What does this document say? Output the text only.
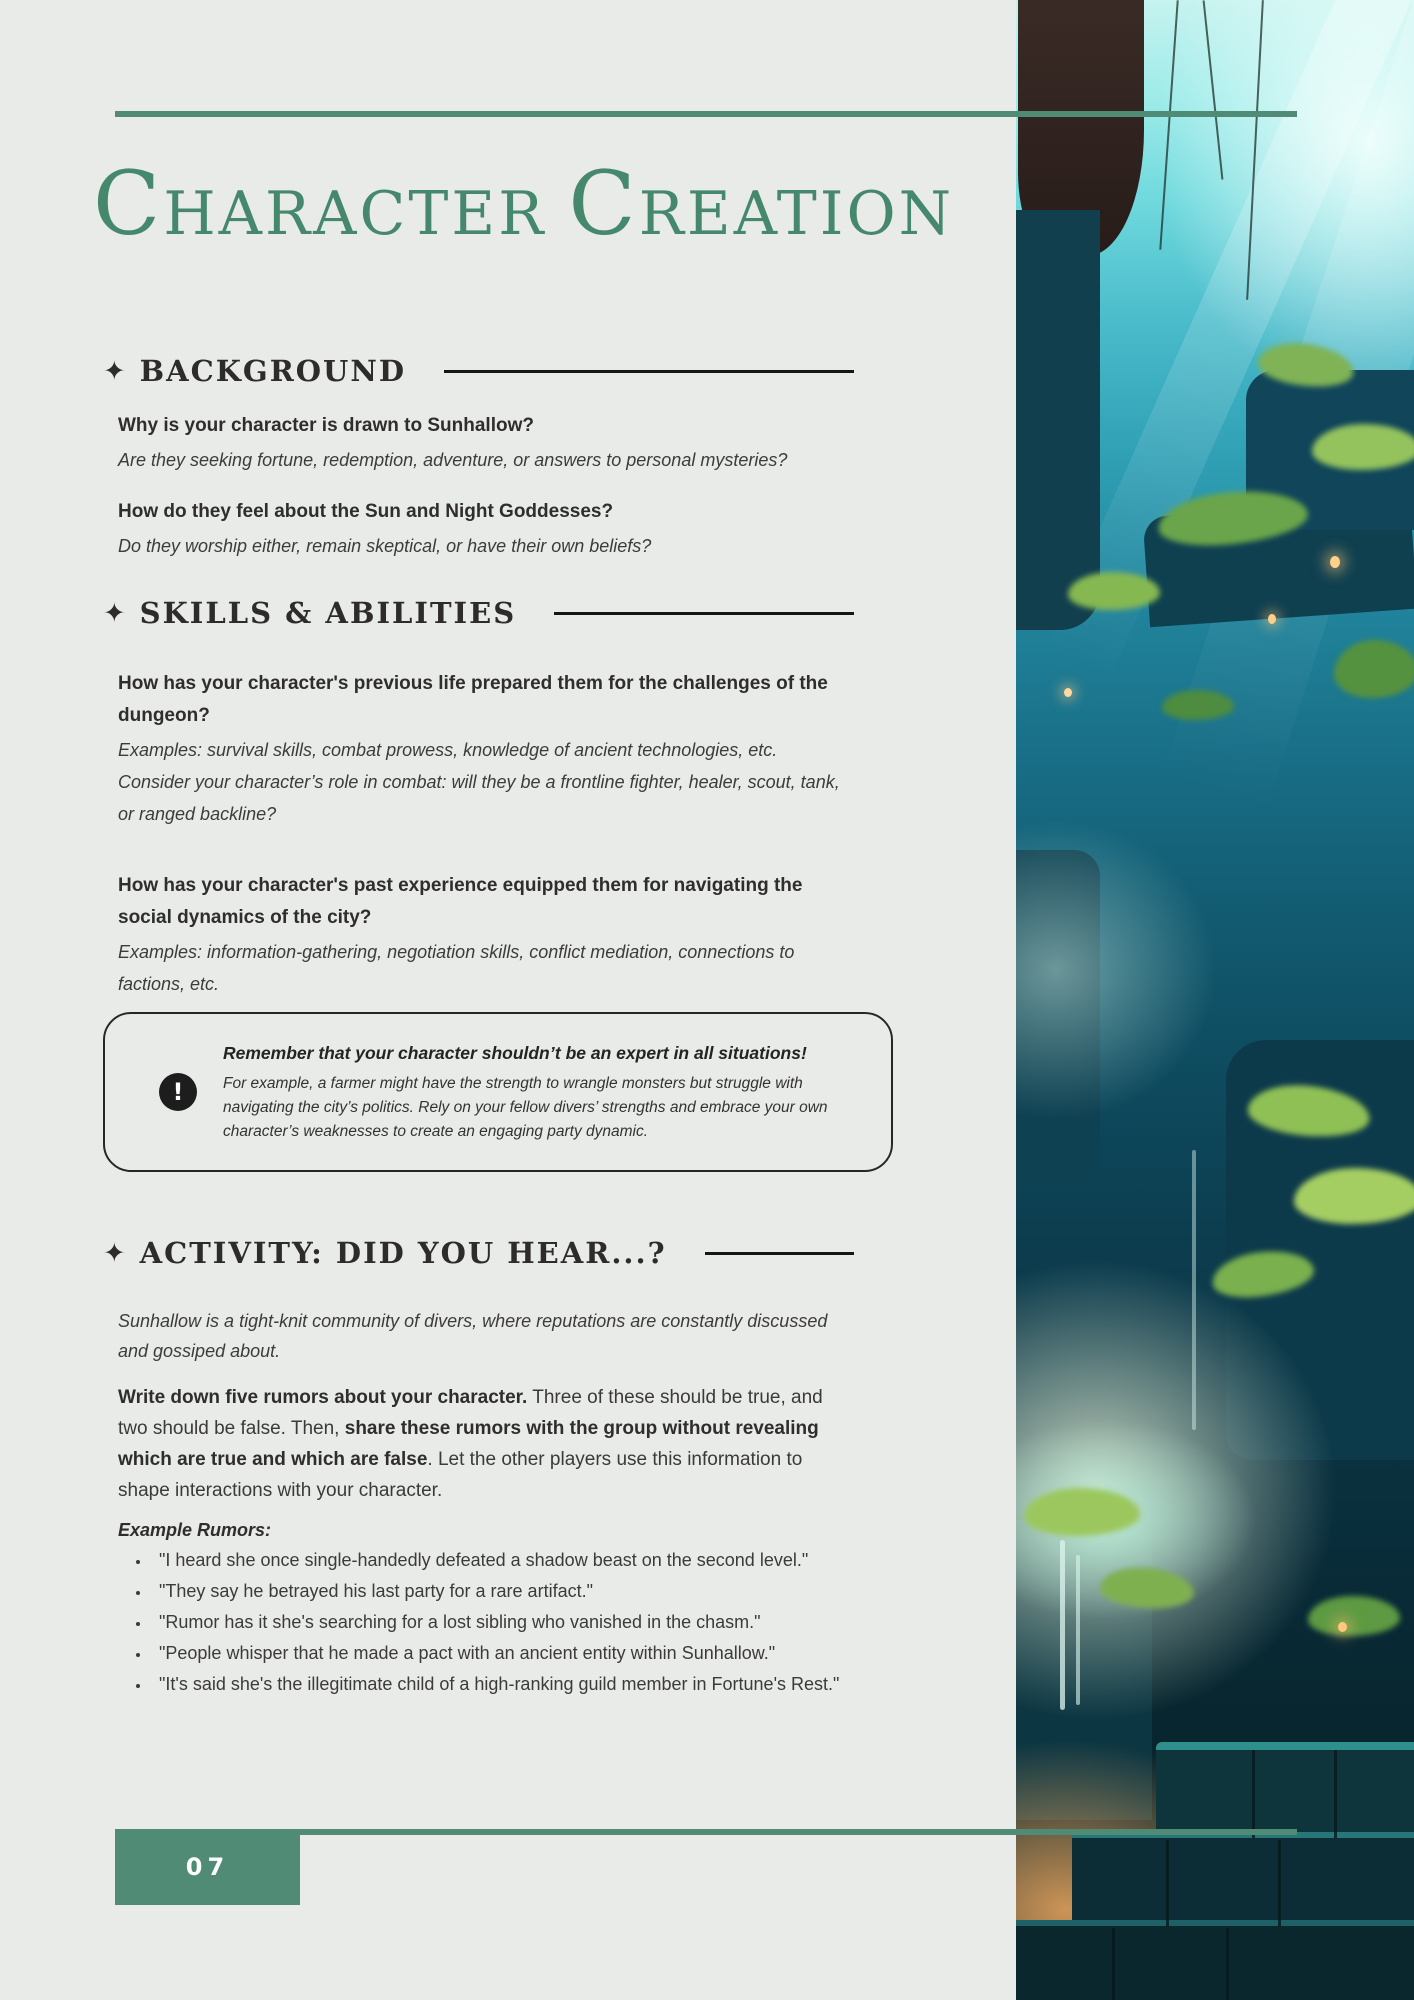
CHARACTER CREATION
✦ BACKGROUND

Why is your character is drawn to Sunhallow?

Are they seeking fortune, redemption, adventure, or answers to personal mysteries?

How do they feel about the Sun and Night Goddesses?

Do they worship either, remain skeptical, or have their own beliefs?

✦ SKILLS & ABILITIES

How has your character's previous life prepared them for the challenges of the dungeon?

Examples: survival skills, combat prowess, knowledge of ancient technologies, etc. Consider your character’s role in combat: will they be a frontline fighter, healer, scout, tank, or ranged backline?

How has your character's past experience equipped them for navigating the social dynamics of the city?

Examples: information-gathering, negotiation skills, conflict mediation, connections to factions, etc.

!

Remember that your character shouldn’t be an expert in all situations!

For example, a farmer might have the strength to wrangle monsters but struggle with navigating the city’s politics. Rely on your fellow divers’ strengths and embrace your own character’s weaknesses to create an engaging party dynamic.

✦ ACTIVITY: DID YOU HEAR...?

Sunhallow is a tight-knit community of divers, where reputations are constantly discussed and gossiped about.

Write down five rumors about your character. Three of these should be true, and two should be false. Then, share these rumors with the group without revealing which are true and which are false. Let the other players use this information to shape interactions with your character.

Example Rumors:

• "I heard she once single-handedly defeated a shadow beast on the second level."
• "They say he betrayed his last party for a rare artifact."
• "Rumor has it she's searching for a lost sibling who vanished in the chasm."
• "People whisper that he made a pact with an ancient entity within Sunhallow."
• "It's said she's the illegitimate child of a high-ranking guild member in Fortune's Rest."
07
